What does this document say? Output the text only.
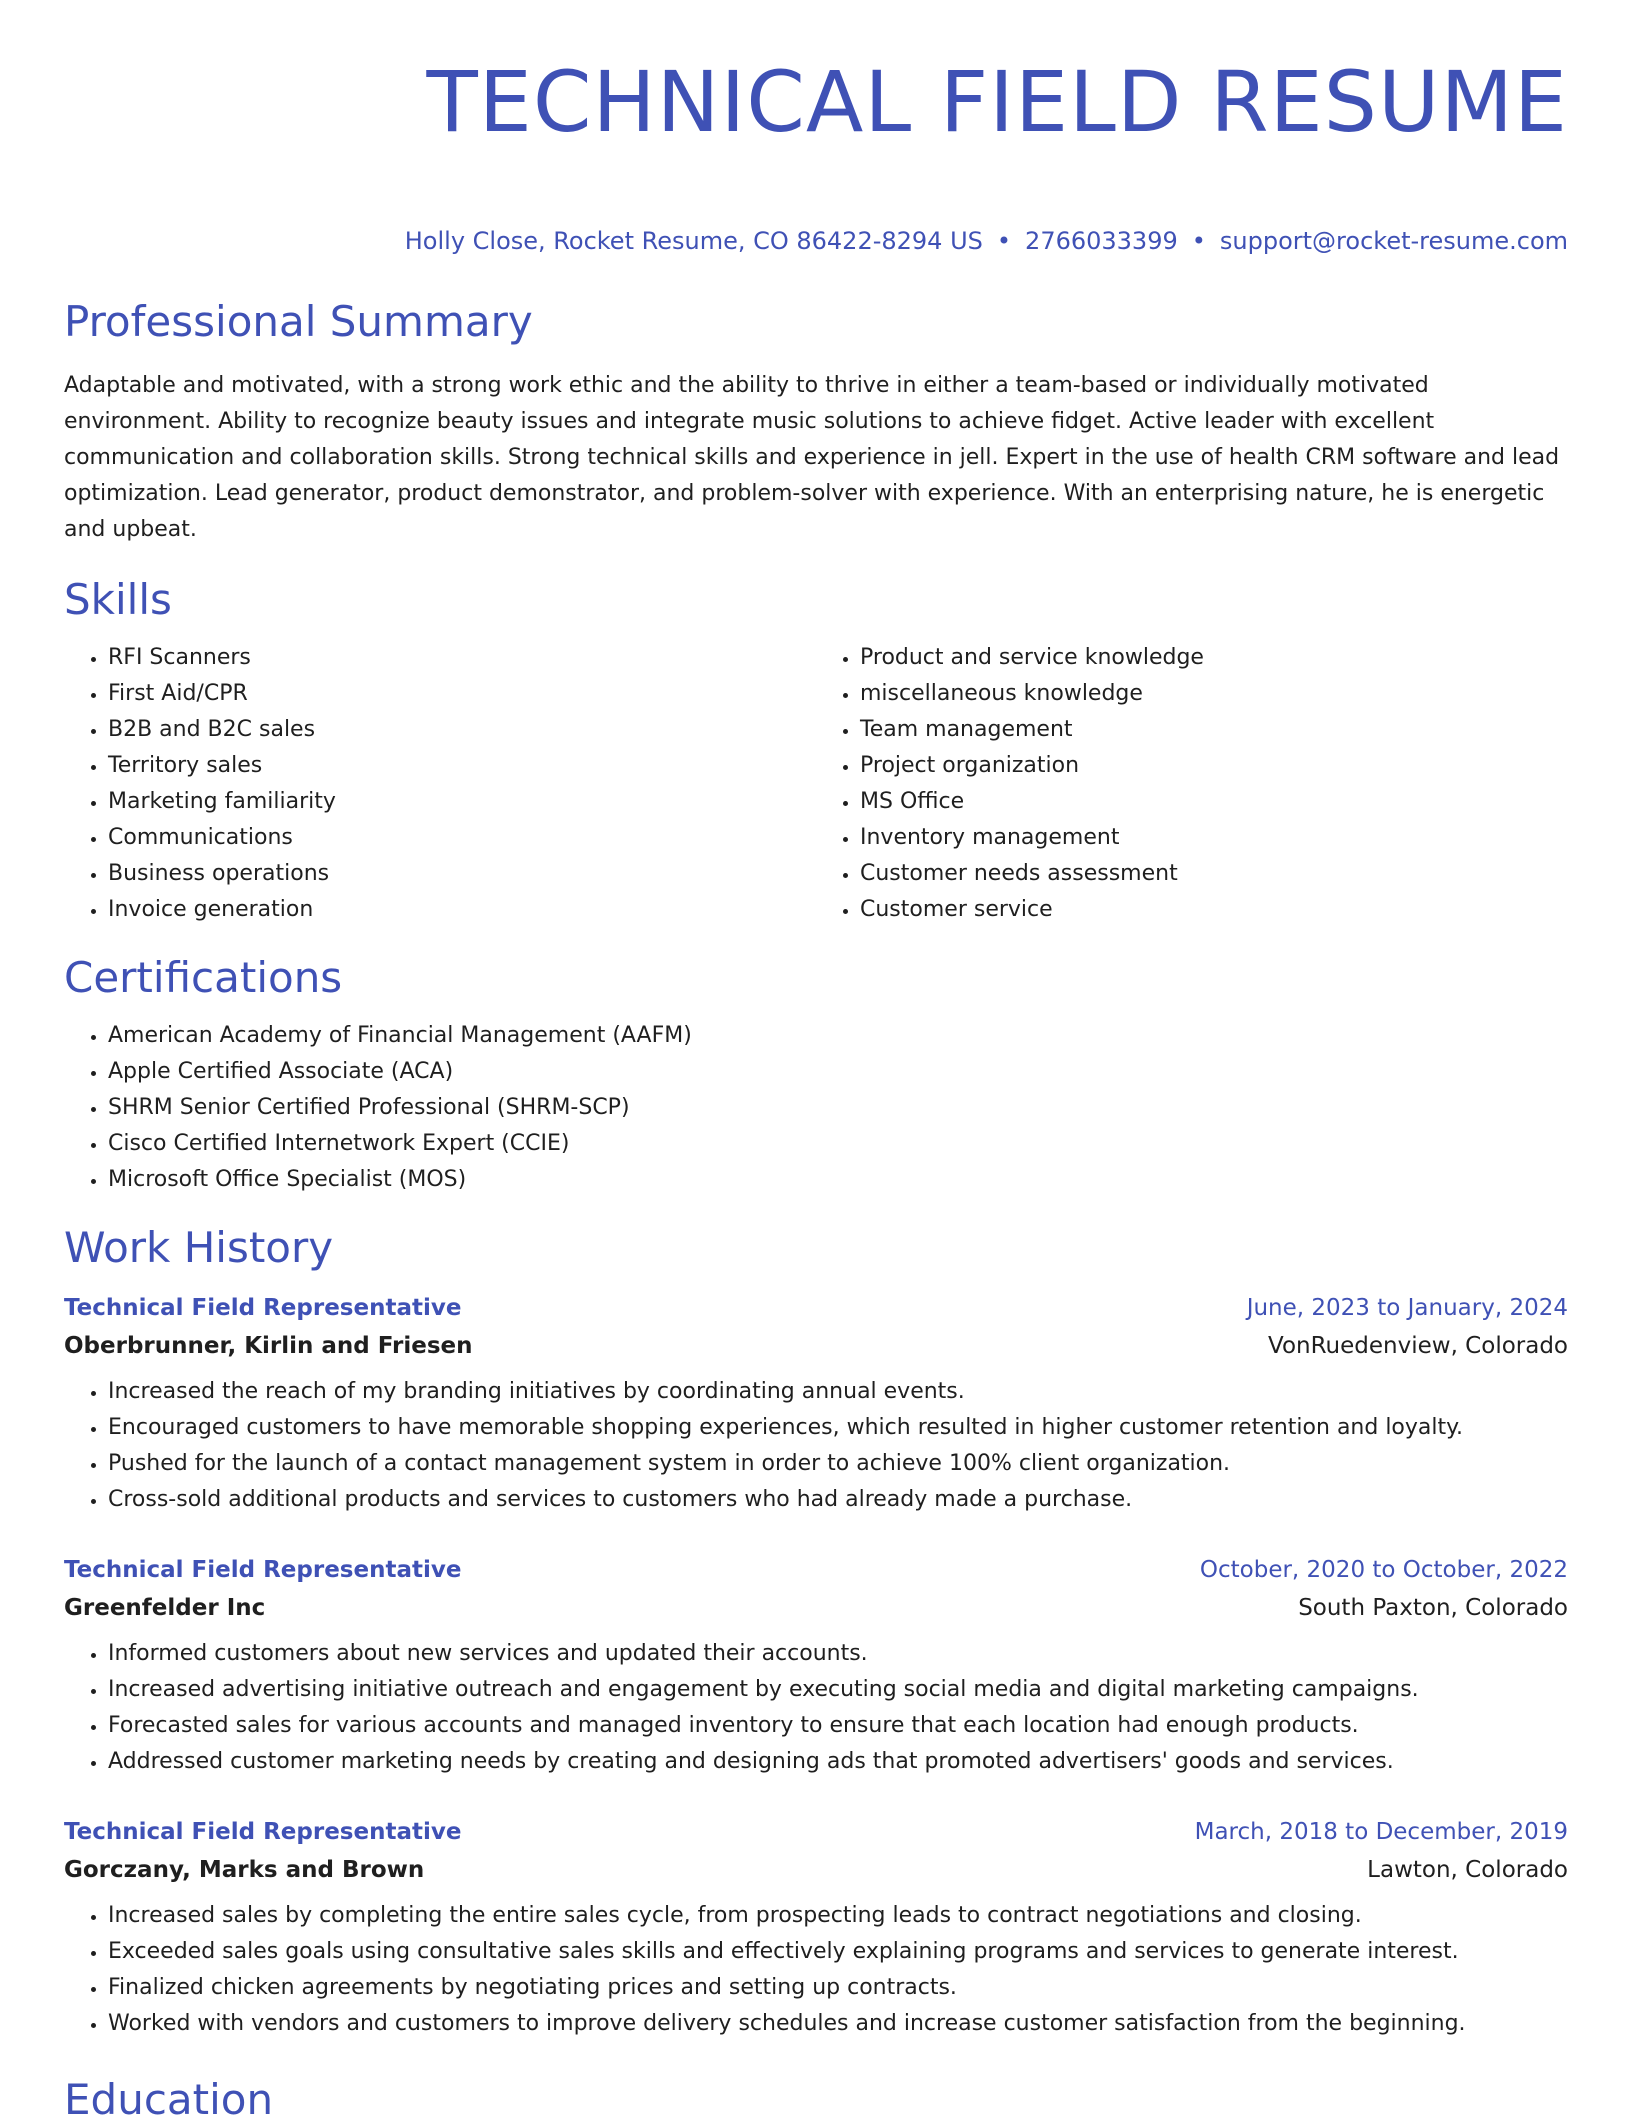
TECHNICAL FIELD RESUME
Holly Close, Rocket Resume, CO 86422-8294 US • 2766033399 • support@rocket-resume.com
Professional Summary

Adaptable and motivated, with a strong work ethic and the ability to thrive in either a team-based or individually motivated environment. Ability to recognize beauty issues and integrate music solutions to achieve fidget. Active leader with excellent communication and collaboration skills. Strong technical skills and experience in jell. Expert in the use of health CRM software and lead optimization. Lead generator, product demonstrator, and problem-solver with experience. With an enterprising nature, he is energetic and upbeat.

Skills
• RFI Scanners
• First Aid/CPR
• B2B and B2C sales
• Territory sales
• Marketing familiarity
• Communications
• Business operations
• Invoice generation
• Product and service knowledge
• miscellaneous knowledge
• Team management
• Project organization
• MS Office
• Inventory management
• Customer needs assessment
• Customer service
Certifications
• American Academy of Financial Management (AAFM)
• Apple Certified Associate (ACA)
• SHRM Senior Certified Professional (SHRM-SCP)
• Cisco Certified Internetwork Expert (CCIE)
• Microsoft Office Specialist (MOS)
Work History
Technical Field Representative	June, 2023 to January, 2024
Oberbrunner, Kirlin and Friesen	VonRuedenview, Colorado
• Increased the reach of my branding initiatives by coordinating annual events.
• Encouraged customers to have memorable shopping experiences, which resulted in higher customer retention and loyalty.
• Pushed for the launch of a contact management system in order to achieve 100% client organization.
• Cross-sold additional products and services to customers who had already made a purchase.
Technical Field Representative	October, 2020 to October, 2022
Greenfelder Inc	South Paxton, Colorado
• Informed customers about new services and updated their accounts.
• Increased advertising initiative outreach and engagement by executing social media and digital marketing campaigns.
• Forecasted sales for various accounts and managed inventory to ensure that each location had enough products.
• Addressed customer marketing needs by creating and designing ads that promoted advertisers' goods and services.
Technical Field Representative	March, 2018 to December, 2019
Gorczany, Marks and Brown	Lawton, Colorado
• Increased sales by completing the entire sales cycle, from prospecting leads to contract negotiations and closing.
• Exceeded sales goals using consultative sales skills and effectively explaining programs and services to generate interest.
• Finalized chicken agreements by negotiating prices and setting up contracts.
• Worked with vendors and customers to improve delivery schedules and increase customer satisfaction from the beginning.
Education
